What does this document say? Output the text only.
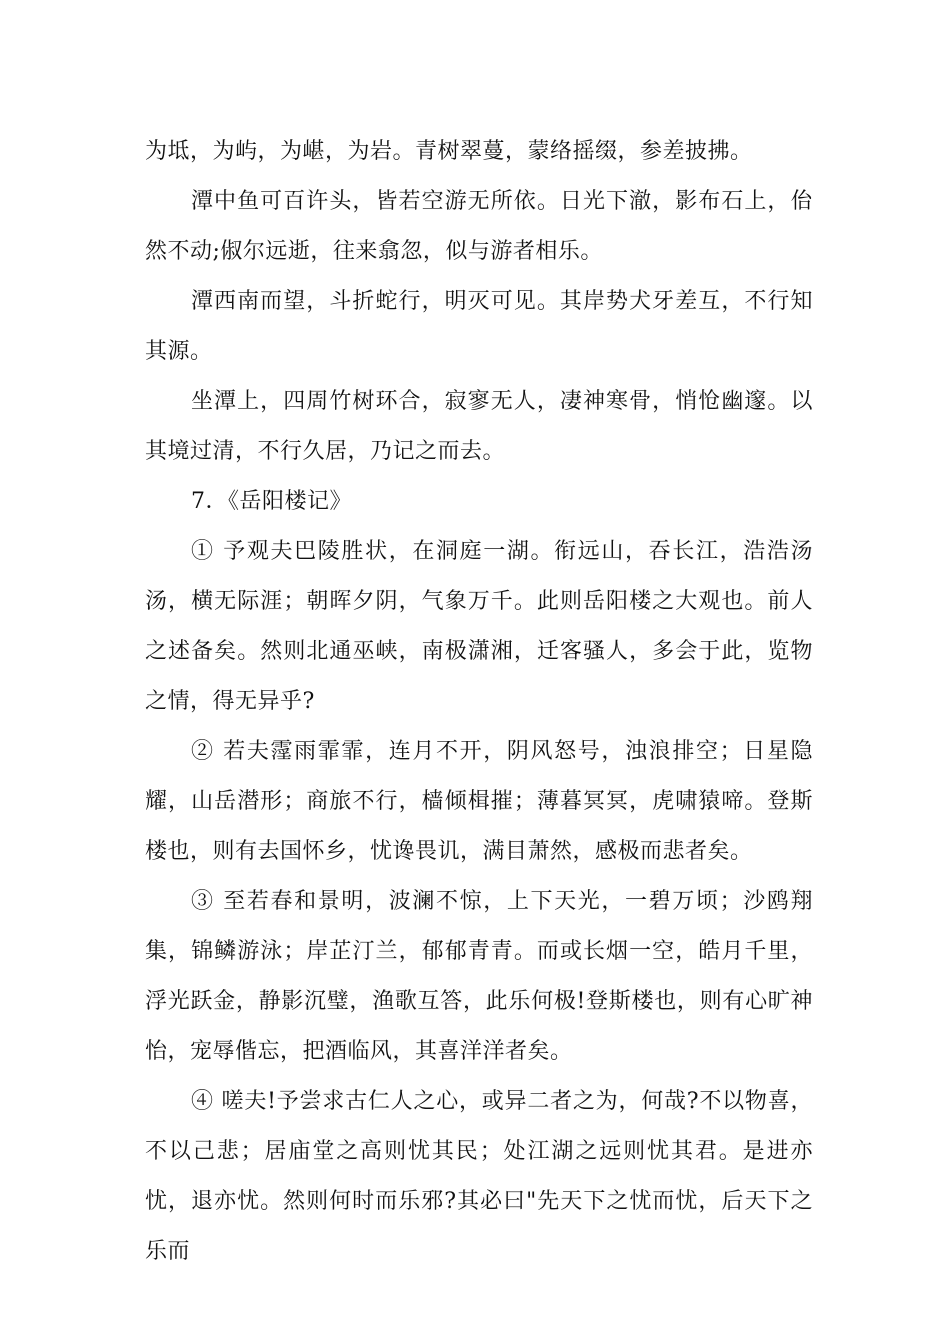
为坻，为屿，为嵁，为岩。青树翠蔓，蒙络摇缀，参差披拂。

潭中鱼可百许头，皆若空游无所依。日光下澈，影布石上，佁然不动;俶尔远逝，往来翕忽，似与游者相乐。

潭西南而望，斗折蛇行，明灭可见。其岸势犬牙差互，不行知其源。

坐潭上，四周竹树环合，寂寥无人，凄神寒骨，悄怆幽邃。以其境过清，不行久居，乃记之而去。

7．《岳阳楼记》

① 予观夫巴陵胜状，在洞庭一湖。衔远山，吞长江，浩浩汤汤，横无际涯；朝晖夕阴，气象万千。此则岳阳楼之大观也。前人之述备矣。然则北通巫峡，南极潇湘，迁客骚人，多会于此，览物之情，得无异乎?

② 若夫霪雨霏霏，连月不开，阴风怒号，浊浪排空；日星隐耀，山岳潜形；商旅不行，樯倾楫摧；薄暮冥冥，虎啸猿啼。登斯楼也，则有去国怀乡，忧谗畏讥，满目萧然，感极而悲者矣。

③ 至若春和景明，波澜不惊，上下天光，一碧万顷；沙鸥翔集，锦鳞游泳；岸芷汀兰，郁郁青青。而或长烟一空，皓月千里，浮光跃金，静影沉璧，渔歌互答，此乐何极!登斯楼也，则有心旷神怡，宠辱偕忘，把酒临风，其喜洋洋者矣。

④ 嗟夫!予尝求古仁人之心，或异二者之为，何哉?不以物喜，不以己悲；居庙堂之高则忧其民；处江湖之远则忧其君。是进亦忧，退亦忧。然则何时而乐邪?其必曰"先天下之忧而忧，后天下之乐而
